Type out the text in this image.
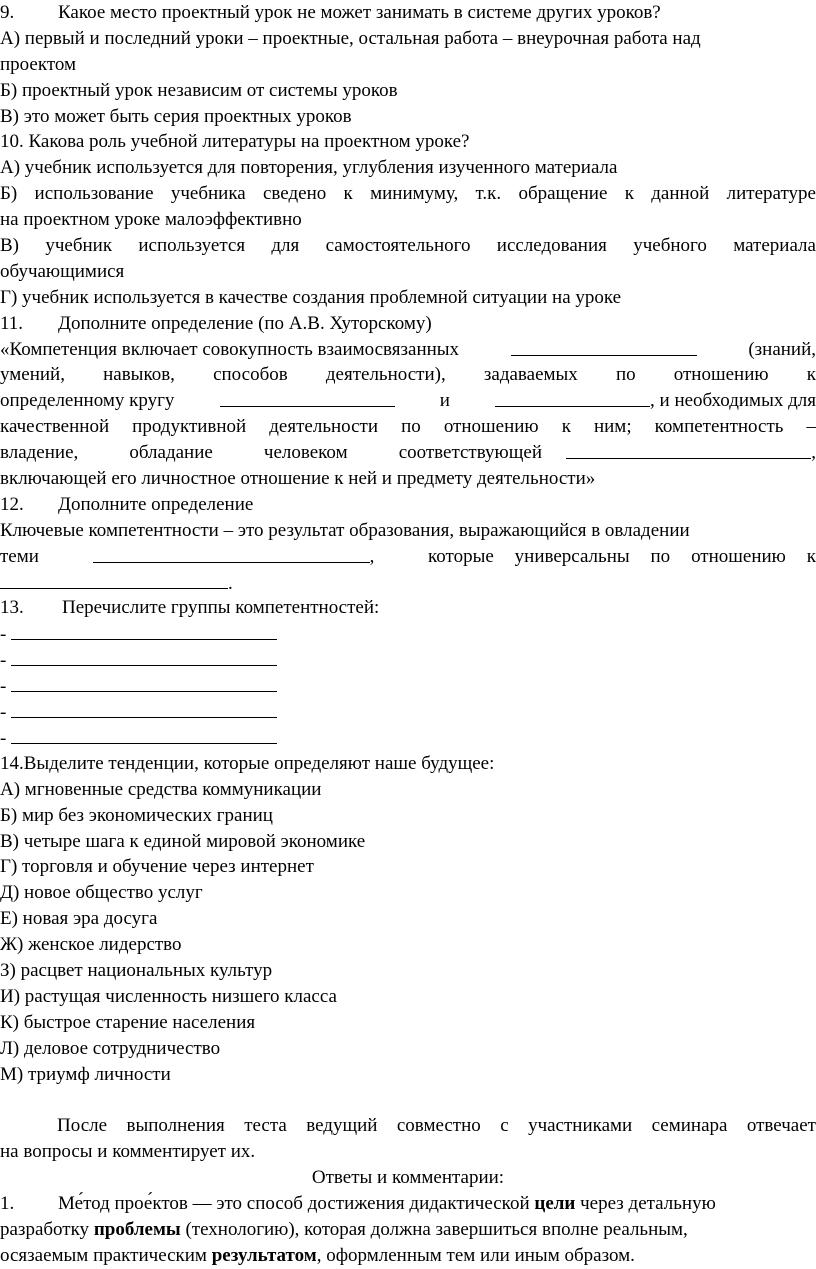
9. Какое место проектный урок не может занимать в системе других уроков?
А) первый и последний уроки – проектные, остальная работа – внеурочная работа над
проектом
Б) проектный урок независим от системы уроков
В) это может быть серия проектных уроков
10. Какова роль учебной литературы на проектном уроке?
А) учебник используется для повторения, углубления изученного материала
Б) использование учебника сведено к минимуму, т.к. обращение к данной литературе
на проектном уроке малоэффективно
В) учебник используется для самостоятельного исследования учебного материала
обучающимися
Г) учебник используется в качестве создания проблемной ситуации на уроке
11. Дополните определение (по А.В. Хуторскому)
«Компетенция включает совокупность взаимосвязанных	(знаний,
умений, навыков, способов деятельности), задаваемых по отношению к
определенному кругу	и	, и необходимых для
качественной продуктивной деятельности по отношению к ним; компетентность –
владение,	обладание	человеком	соответствующей	,
включающей его личностное отношение к ней и предмету деятельности»
12. Дополните определение
Ключевые компетентности – это результат образования, выражающийся в овладении
теми	,	которые универсальны по отношению к
.
13. Перечислите группы компетентностей:
-
-
-
-
-
14.Выделите тенденции, которые определяют наше будущее:
А) мгновенные средства коммуникации
Б) мир без экономических границ
В) четыре шага к единой мировой экономике
Г) торговля и обучение через интернет
Д) новое общество услуг
Е) новая эра досуга
Ж) женское лидерство
З) расцвет национальных культур
И) растущая численность низшего класса
К) быстрое старение населения
Л) деловое сотрудничество
М) триумф личности
После выполнения теста ведущий совместно с участниками семинара отвечает
на вопросы и комментирует их.
Ответы и комментарии:
1. Ме́тод прое́ктов — это способ достижения дидактической цели через детальную
разработку проблемы (технологию), которая должна завершиться вполне реальным,
осязаемым практическим результатом, оформленным тем или иным образом.
